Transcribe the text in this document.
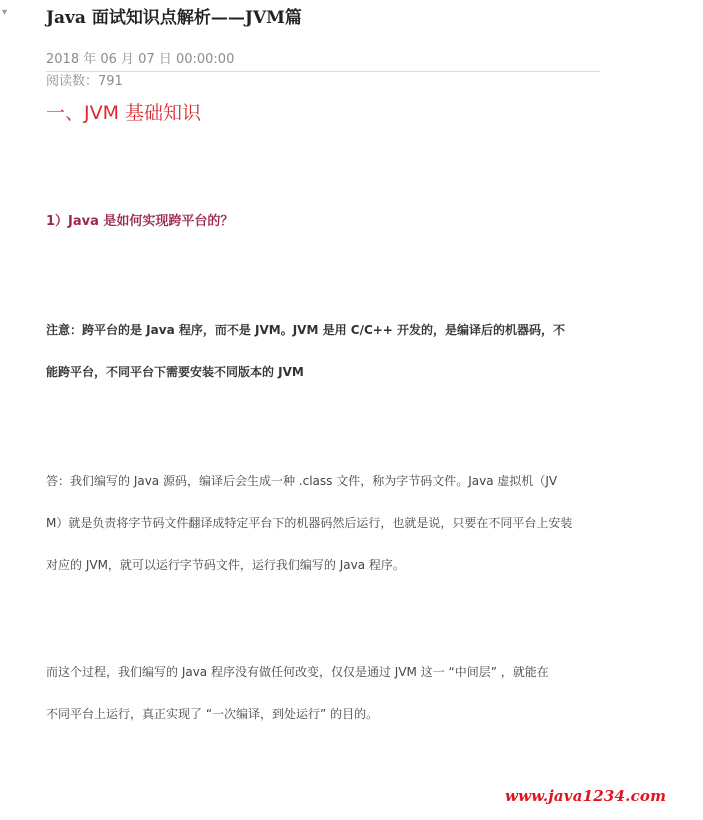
▾ Java 面试知识点解析——JVM篇
2018 年 06 月 07 日 00:00:00
阅读数：791
一、JVM 基础知识
1）Java 是如何实现跨平台的？
注意：跨平台的是 Java 程序，而不是 JVM。JVM 是用 C/C++ 开发的，是编译后的机器码，不
能跨平台，不同平台下需要安装不同版本的 JVM
答：我们编写的 Java 源码，编译后会生成一种 .class 文件，称为字节码文件。Java 虚拟机（JV
M）就是负责将字节码文件翻译成特定平台下的机器码然后运行，也就是说，只要在不同平台上安装
对应的 JVM，就可以运行字节码文件，运行我们编写的 Java 程序。
而这个过程，我们编写的 Java 程序没有做任何改变，仅仅是通过 JVM 这一 “中间层” ，就能在
不同平台上运行，真正实现了 “一次编译，到处运行” 的目的。
www.java1234.com
